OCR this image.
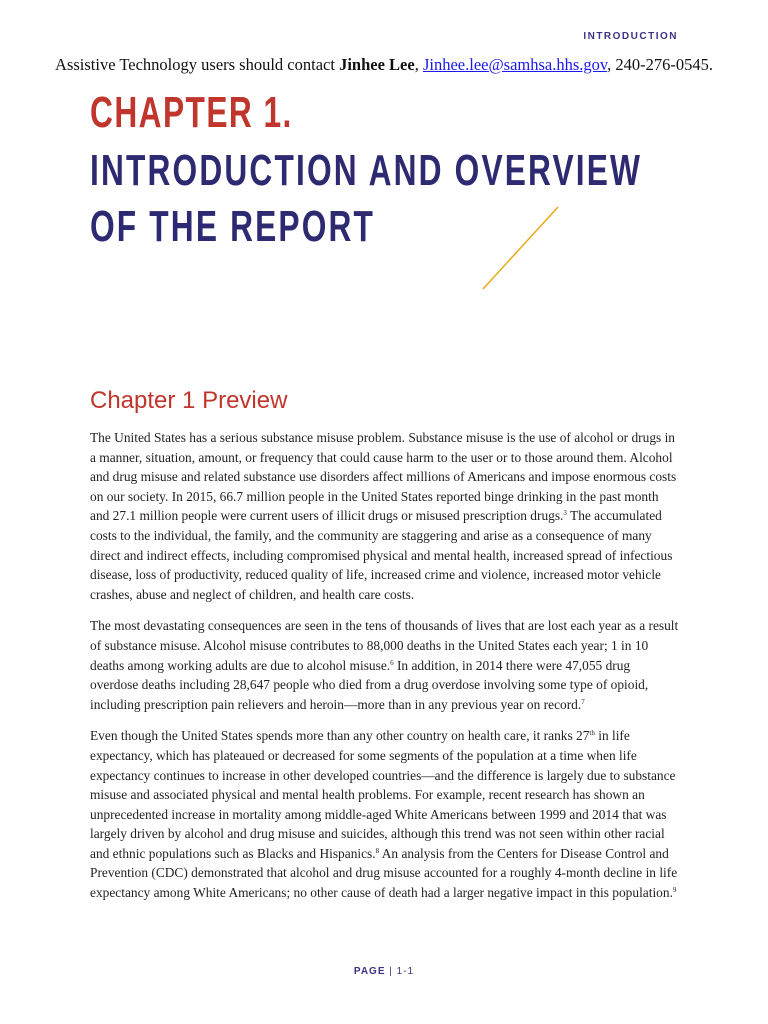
INTRODUCTION
Assistive Technology users should contact Jinhee Lee, Jinhee.lee@samhsa.hhs.gov, 240-276-0545.
CHAPTER 1.
INTRODUCTION AND OVERVIEW
OF THE REPORT
Chapter 1 Preview

The United States has a serious substance misuse problem. Substance misuse is the use of alcohol or drugs in a manner, situation, amount, or frequency that could cause harm to the user or to those around them. Alcohol and drug misuse and related substance use disorders affect millions of Americans and impose enormous costs on our society. In 2015, 66.7 million people in the United States reported binge drinking in the past month and 27.1 million people were current users of illicit drugs or misused prescription drugs.$^3$ The accumulated costs to the individual, the family, and the community are staggering and arise as a consequence of many direct and indirect effects, including compromised physical and mental health, increased spread of infectious disease, loss of productivity, reduced quality of life, increased crime and violence, increased motor vehicle crashes, abuse and neglect of children, and health care costs.

The most devastating consequences are seen in the tens of thousands of lives that are lost each year as a result of substance misuse. Alcohol misuse contributes to 88,000 deaths in the United States each year; 1 in 10 deaths among working adults are due to alcohol misuse.$^6$ In addition, in 2014 there were 47,055 drug overdose deaths including 28,647 people who died from a drug overdose involving some type of opioid, including prescription pain relievers and heroin—more than in any previous year on record.$^7$

Even though the United States spends more than any other country on health care, it ranks 27th in life expectancy, which has plateaued or decreased for some segments of the population at a time when life expectancy continues to increase in other developed countries—and the difference is largely due to substance misuse and associated physical and mental health problems. For example, recent research has shown an unprecedented increase in mortality among middle-aged White Americans between 1999 and 2014 that was largely driven by alcohol and drug misuse and suicides, although this trend was not seen within other racial and ethnic populations such as Blacks and Hispanics.$^8$ An analysis from the Centers for Disease Control and Prevention (CDC) demonstrated that alcohol and drug misuse accounted for a roughly 4-month decline in life expectancy among White Americans; no other cause of death had a larger negative impact in this population.$^9$

PAGE | 1-1
